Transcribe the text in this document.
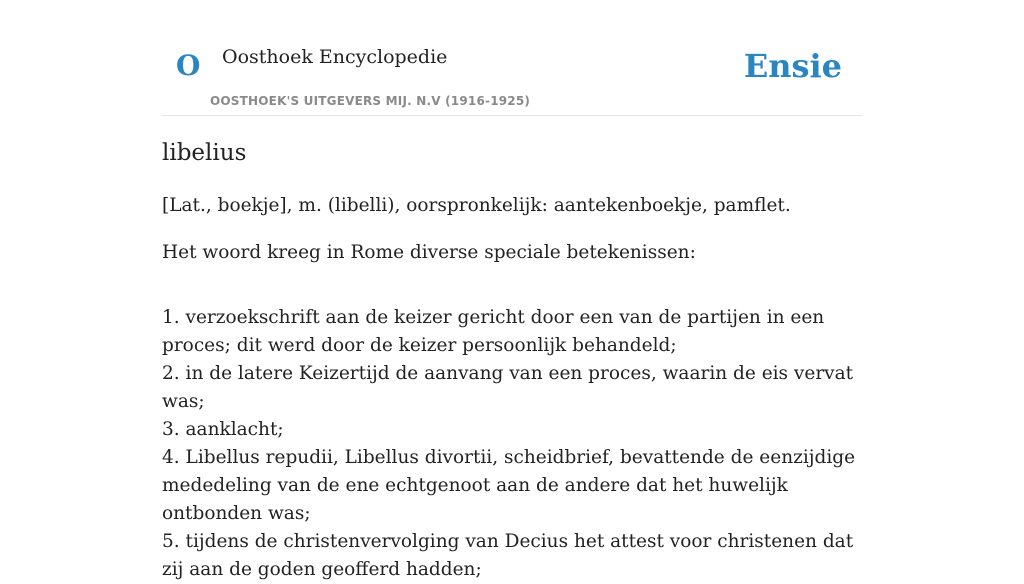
O Oosthoek Encyclopedie
OOSTHOEK'S UITGEVERS MIJ. N.V (1916-1925)
Ensie
libelius

[Lat., boekje], m. (libelli), oorspronkelijk: aantekenboekje, pamflet.

Het woord kreeg in Rome diverse speciale betekenissen:

1. verzoekschrift aan de keizer gericht door een van de partijen in een proces; dit werd door de keizer persoonlijk behandeld;
2. in de latere Keizertijd de aanvang van een proces, waarin de eis vervat was;
3. aanklacht;
4. Libellus repudii, Libellus divortii, scheidbrief, bevattende de eenzijdige mededeling van de ene echtgenoot aan de andere dat het huwelijk ontbonden was;
5. tijdens de christenvervolging van Decius het attest voor christenen dat zij aan de goden geofferd hadden;
